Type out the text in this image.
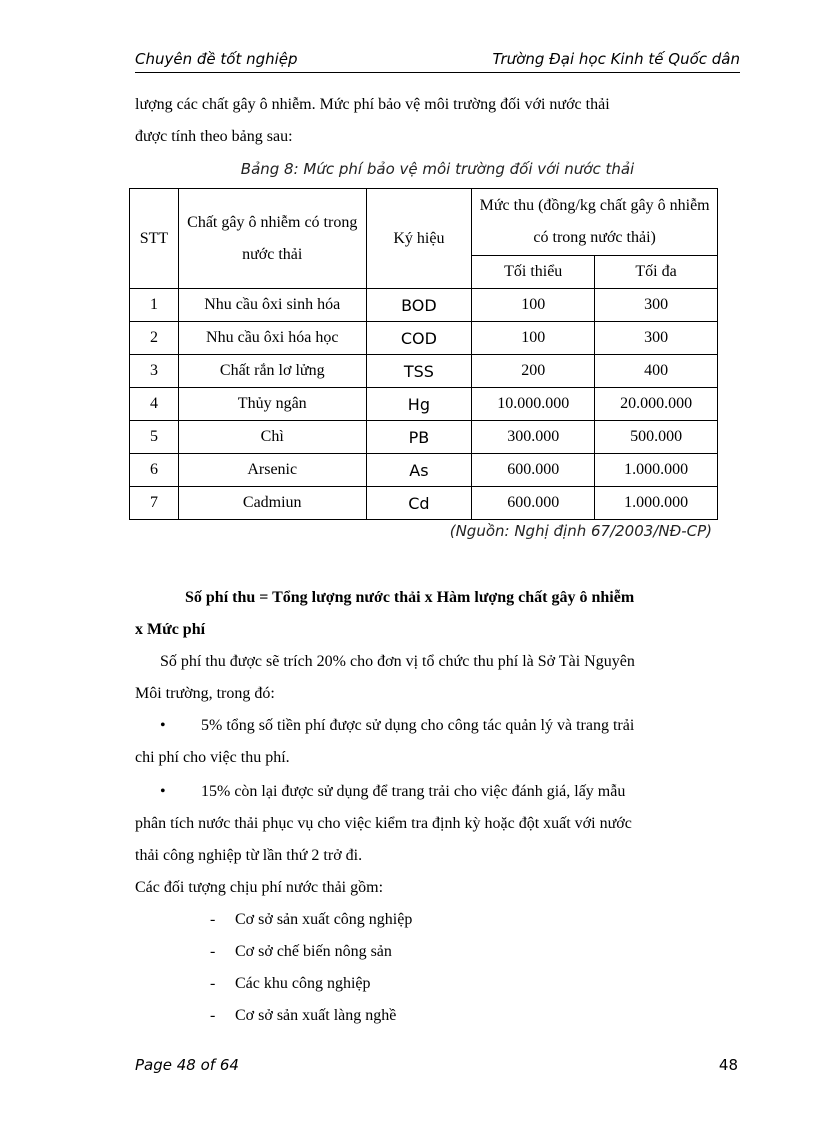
Chuyên đề tốt nghiệp	Trường Đại học Kinh tế Quốc dân
lượng các chất gây ô nhiễm. Mức phí bảo vệ môi trường đối với nước thải
được tính theo bảng sau:
Bảng 8: Mức phí bảo vệ môi trường đối với nước thải
STT	Chất gây ô nhiễm có trong nước thải	Ký hiệu	Mức thu (đồng/kg chất gây ô nhiễm có trong nước thải)	
			Tối thiểu	Tối đa
1	Nhu cầu ôxi sinh hóa	BOD	100	300
2	Nhu cầu ôxi hóa học	COD	100	300
3	Chất rắn lơ lửng	TSS	200	400
4	Thủy ngân	Hg	10.000.000	20.000.000
5	Chì	PB	300.000	500.000
6	Arsenic	As	600.000	1.000.000
7	Cadmiun	Cd	600.000	1.000.000
(Nguồn: Nghị định 67/2003/NĐ-CP)
Số phí thu = Tổng lượng nước thải x Hàm lượng chất gây ô nhiễm
x Mức phí
Số phí thu được sẽ trích 20% cho đơn vị tổ chức thu phí là Sở Tài Nguyên
Môi trường, trong đó:
• 5% tổng số tiền phí được sử dụng cho công tác quản lý và trang trải
chi phí cho việc thu phí.
• 15% còn lại được sử dụng để trang trải cho việc đánh giá, lấy mẫu
phân tích nước thải phục vụ cho việc kiểm tra định kỳ hoặc đột xuất với nước
thải công nghiệp từ lần thứ 2 trở đi.
Các đối tượng chịu phí nước thải gồm:
- Cơ sở sản xuất công nghiệp
- Cơ sở chế biến nông sản
- Các khu công nghiệp
- Cơ sở sản xuất làng nghề
Page 48 of 64	48
